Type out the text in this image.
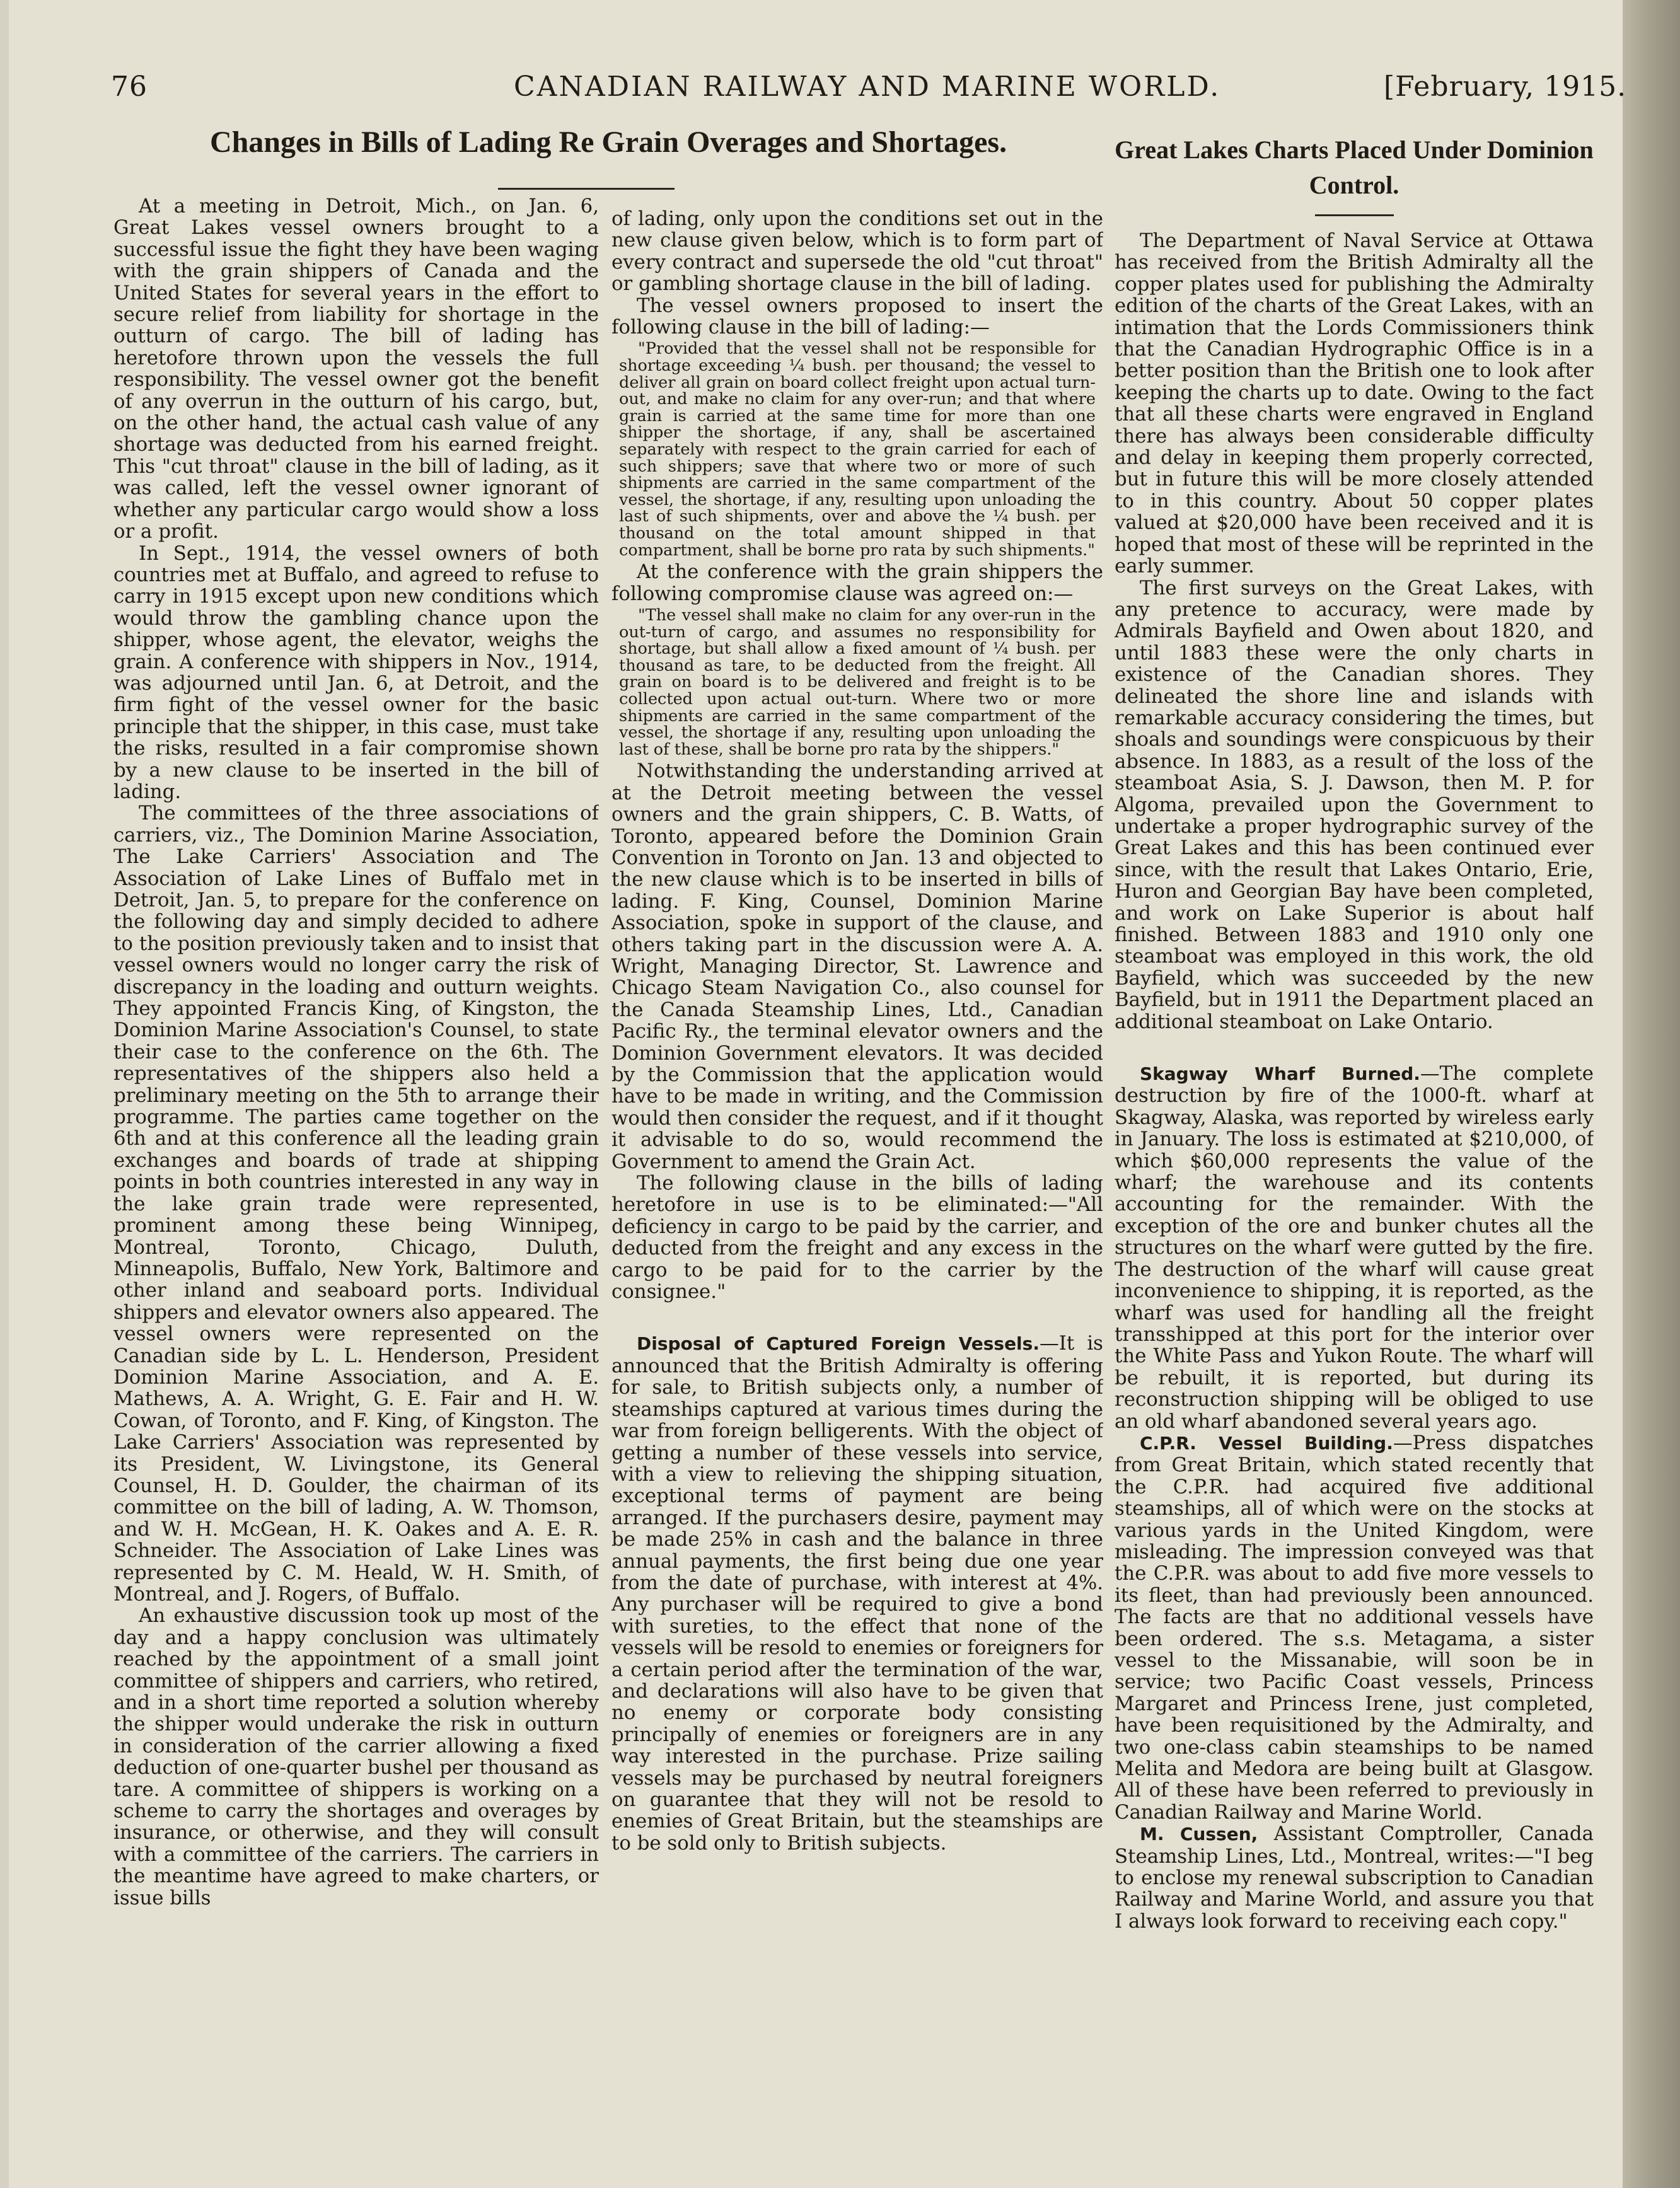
76	CANADIAN RAILWAY AND MARINE WORLD.	[February, 1915.
Changes in Bills of Lading Re Grain Overages and Shortages.

At a meeting in Detroit, Mich., on Jan. 6, Great Lakes vessel owners brought to a successful issue the fight they have been waging with the grain shippers of Canada and the United States for several years in the effort to secure relief from liability for shortage in the outturn of cargo. The bill of lading has heretofore thrown upon the vessels the full responsibility. The vessel owner got the benefit of any overrun in the outturn of his cargo, but, on the other hand, the actual cash value of any shortage was deducted from his earned freight. This "cut throat" clause in the bill of lading, as it was called, left the vessel owner ignorant of whether any particular cargo would show a loss or a profit.

In Sept., 1914, the vessel owners of both countries met at Buffalo, and agreed to refuse to carry in 1915 except upon new conditions which would throw the gambling chance upon the shipper, whose agent, the elevator, weighs the grain. A conference with shippers in Nov., 1914, was adjourned until Jan. 6, at Detroit, and the firm fight of the vessel owner for the basic principle that the shipper, in this case, must take the risks, resulted in a fair compromise shown by a new clause to be inserted in the bill of lading.

The committees of the three associations of carriers, viz., The Dominion Marine Association, The Lake Carriers' Association and The Association of Lake Lines of Buffalo met in Detroit, Jan. 5, to prepare for the conference on the following day and simply decided to adhere to the position previously taken and to insist that vessel owners would no longer carry the risk of discrepancy in the loading and outturn weights. They appointed Francis King, of Kingston, the Dominion Marine Association's Counsel, to state their case to the conference on the 6th. The representatives of the shippers also held a preliminary meeting on the 5th to arrange their programme. The parties came together on the 6th and at this conference all the leading grain exchanges and boards of trade at shipping points in both countries interested in any way in the lake grain trade were represented, prominent among these being Winnipeg, Montreal, Toronto, Chicago, Duluth, Minneapolis, Buffalo, New York, Baltimore and other inland and seaboard ports. Individual shippers and elevator owners also appeared. The vessel owners were represented on the Canadian side by L. L. Henderson, President Dominion Marine Association, and A. E. Mathews, A. A. Wright, G. E. Fair and H. W. Cowan, of Toronto, and F. King, of Kingston. The Lake Carriers' Association was represented by its President, W. Livingstone, its General Counsel, H. D. Goulder, the chairman of its committee on the bill of lading, A. W. Thomson, and W. H. McGean, H. K. Oakes and A. E. R. Schneider. The Association of Lake Lines was represented by C. M. Heald, W. H. Smith, of Montreal, and J. Rogers, of Buffalo.

An exhaustive discussion took up most of the day and a happy conclusion was ultimately reached by the appointment of a small joint committee of shippers and carriers, who retired, and in a short time reported a solution whereby the shipper would underake the risk in outturn in consideration of the carrier allowing a fixed deduction of one-quarter bushel per thousand as tare. A committee of shippers is working on a scheme to carry the shortages and overages by insurance, or otherwise, and they will consult with a committee of the carriers. The carriers in the meantime have agreed to make charters, or issue bills

of lading, only upon the conditions set out in the new clause given below, which is to form part of every contract and supersede the old "cut throat" or gambling shortage clause in the bill of lading.

The vessel owners proposed to insert the following clause in the bill of lading:—

"Provided that the vessel shall not be responsible for shortage exceeding ¼ bush. per thousand; the vessel to deliver all grain on board collect freight upon actual turn-out, and make no claim for any over-run; and that where grain is carried at the same time for more than one shipper the shortage, if any, shall be ascertained separately with respect to the grain carried for each of such shippers; save that where two or more of such shipments are carried in the same compartment of the vessel, the shortage, if any, resulting upon unloading the last of such shipments, over and above the ¼ bush. per thousand on the total amount shipped in that compartment, shall be borne pro rata by such shipments."

At the conference with the grain shippers the following compromise clause was agreed on:—

"The vessel shall make no claim for any over-run in the out-turn of cargo, and assumes no responsibility for shortage, but shall allow a fixed amount of ¼ bush. per thousand as tare, to be deducted from the freight. All grain on board is to be delivered and freight is to be collected upon actual out-turn. Where two or more shipments are carried in the same compartment of the vessel, the shortage if any, resulting upon unloading the last of these, shall be borne pro rata by the shippers."

Notwithstanding the understanding arrived at at the Detroit meeting between the vessel owners and the grain shippers, C. B. Watts, of Toronto, appeared before the Dominion Grain Convention in Toronto on Jan. 13 and objected to the new clause which is to be inserted in bills of lading. F. King, Counsel, Dominion Marine Association, spoke in support of the clause, and others taking part in the discussion were A. A. Wright, Managing Director, St. Lawrence and Chicago Steam Navigation Co., also counsel for the Canada Steamship Lines, Ltd., Canadian Pacific Ry., the terminal elevator owners and the Dominion Government elevators. It was decided by the Commission that the application would have to be made in writing, and the Commission would then consider the request, and if it thought it advisable to do so, would recommend the Government to amend the Grain Act.

The following clause in the bills of lading heretofore in use is to be eliminated:—"All deficiency in cargo to be paid by the carrier, and deducted from the freight and any excess in the cargo to be paid for to the carrier by the consignee."

Disposal of Captured Foreign Vessels.—It is announced that the British Admiralty is offering for sale, to British subjects only, a number of steamships captured at various times during the war from foreign belligerents. With the object of getting a number of these vessels into service, with a view to relieving the shipping situation, exceptional terms of payment are being arranged. If the purchasers desire, payment may be made 25% in cash and the balance in three annual payments, the first being due one year from the date of purchase, with interest at 4%. Any purchaser will be required to give a bond with sureties, to the effect that none of the vessels will be resold to enemies or foreigners for a certain period after the termination of the war, and declarations will also have to be given that no enemy or corporate body consisting principally of enemies or foreigners are in any way interested in the purchase. Prize sailing vessels may be purchased by neutral foreigners on guarantee that they will not be resold to enemies of Great Britain, but the steamships are to be sold only to British subjects.

Great Lakes Charts Placed Under Dominion Control.

The Department of Naval Service at Ottawa has received from the British Admiralty all the copper plates used for publishing the Admiralty edition of the charts of the Great Lakes, with an intimation that the Lords Commissioners think that the Canadian Hydrographic Office is in a better position than the British one to look after keeping the charts up to date. Owing to the fact that all these charts were engraved in England there has always been considerable difficulty and delay in keeping them properly corrected, but in future this will be more closely attended to in this country. About 50 copper plates valued at $20,000 have been received and it is hoped that most of these will be reprinted in the early summer.

The first surveys on the Great Lakes, with any pretence to accuracy, were made by Admirals Bayfield and Owen about 1820, and until 1883 these were the only charts in existence of the Canadian shores. They delineated the shore line and islands with remarkable accuracy considering the times, but shoals and soundings were conspicuous by their absence. In 1883, as a result of the loss of the steamboat Asia, S. J. Dawson, then M. P. for Algoma, prevailed upon the Government to undertake a proper hydrographic survey of the Great Lakes and this has been continued ever since, with the result that Lakes Ontario, Erie, Huron and Georgian Bay have been completed, and work on Lake Superior is about half finished. Between 1883 and 1910 only one steamboat was employed in this work, the old Bayfield, which was succeeded by the new Bayfield, but in 1911 the Department placed an additional steamboat on Lake Ontario.

Skagway Wharf Burned.—The complete destruction by fire of the 1000-ft. wharf at Skagway, Alaska, was reported by wireless early in January. The loss is estimated at $210,000, of which $60,000 represents the value of the wharf; the warehouse and its contents accounting for the remainder. With the exception of the ore and bunker chutes all the structures on the wharf were gutted by the fire. The destruction of the wharf will cause great inconvenience to shipping, it is reported, as the wharf was used for handling all the freight transshipped at this port for the interior over the White Pass and Yukon Route. The wharf will be rebuilt, it is reported, but during its reconstruction shipping will be obliged to use an old wharf abandoned several years ago.

C.P.R. Vessel Building.—Press dispatches from Great Britain, which stated recently that the C.P.R. had acquired five additional steamships, all of which were on the stocks at various yards in the United Kingdom, were misleading. The impression conveyed was that the C.P.R. was about to add five more vessels to its fleet, than had previously been announced. The facts are that no additional vessels have been ordered. The s.s. Metagama, a sister vessel to the Missanabie, will soon be in service; two Pacific Coast vessels, Princess Margaret and Princess Irene, just completed, have been requisitioned by the Admiralty, and two one-class cabin steamships to be named Melita and Medora are being built at Glasgow. All of these have been referred to previously in Canadian Railway and Marine World.

M. Cussen, Assistant Comptroller, Canada Steamship Lines, Ltd., Montreal, writes:—"I beg to enclose my renewal subscription to Canadian Railway and Marine World, and assure you that I always look forward to receiving each copy."
